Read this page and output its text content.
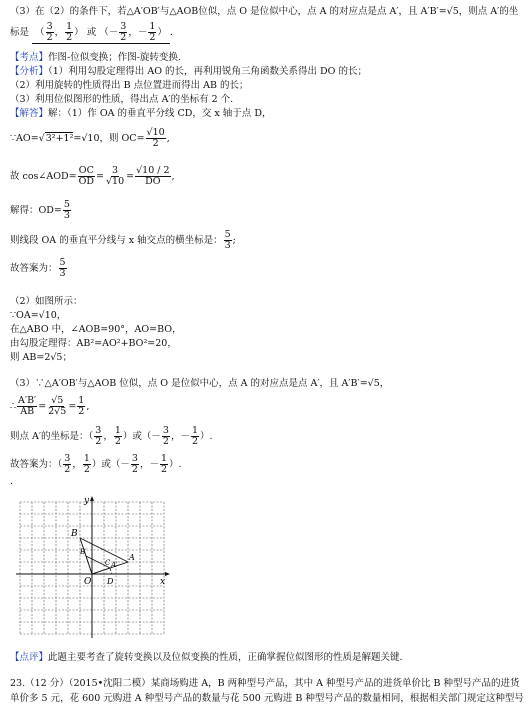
（3）在（2）的条件下，若△A′OB′与△AOB位似，点 O 是位似中心，点 A 的对应点是点 A′，且 A′B′=√5，则点 A′的坐
标是 （ $\frac{3}{2}$ ， $\frac{1}{2}$ ） 或 （－ $\frac{3}{2}$ ，－ $\frac{1}{2}$ ） .
【考点】作图-位似变换；作图-旋转变换.
【分析】（1）利用勾股定理得出 AO 的长，再利用锐角三角函数关系得出 DO 的长；
（2）利用旋转的性质得出 B 点位置进而得出 AB 的长；
（3）利用位似图形的性质，得出点 A′的坐标有 2 个.
【解答】解：（1）作 OA 的垂直平分线 CD，交 x 轴于点 D，
∵AO=√3²+1²=√10，则 $OC= \frac{√10}{2}$ ,
故 cos∠AOD= $\frac{OC}{OD} = \frac{3}{√10} = \frac{√10 / 2}{DO}$ ,
解得：$OD= \frac{5}{3}$
则线段 OA 的垂直平分线与 x 轴交点的横坐标是： $\frac{5}{3}$ ;
故答案为： $\frac{5}{3}$
（2）如图所示：
∵OA=√10，
在△ABO 中，∠AOB=90°，AO=BO，
由勾股定理得：AB²=AO²+BO²=20，
则 AB=2√5；
（3）∵△A′OB′与△AOB 位似，点 O 是位似中心，点 A 的对应点是点 A′，且 A′B′=√5，
∴ $\frac{A'B'}{AB} = \frac{√5}{2√5} = \frac{1}{2}$ ,
则点 A′的坐标是：（ $\frac{3}{2}$ ， $\frac{1}{2}$ ）或（－ $\frac{3}{2}$ ，－ $\frac{1}{2}$ ）.
故答案为：（ $\frac{3}{2}$ ， $\frac{1}{2}$ ）或（－ $\frac{3}{2}$ ，－ $\frac{1}{2}$ ）.
.
y
x
O
A
B
C
D
A′
B′
【点评】此题主要考查了旋转变换以及位似变换的性质，正确掌握位似图形的性质是解题关键.
23.（12 分）（2015•沈阳二模）某商场购进 A，B 两种型号产品，其中 A 种型号产品的进货单价比 B 种型号产品的进货
单价多 5 元，花 600 元购进 A 种型号产品的数量与花 500 元购进 B 种型号产品的数量相同，根据相关部门规定这种型号
